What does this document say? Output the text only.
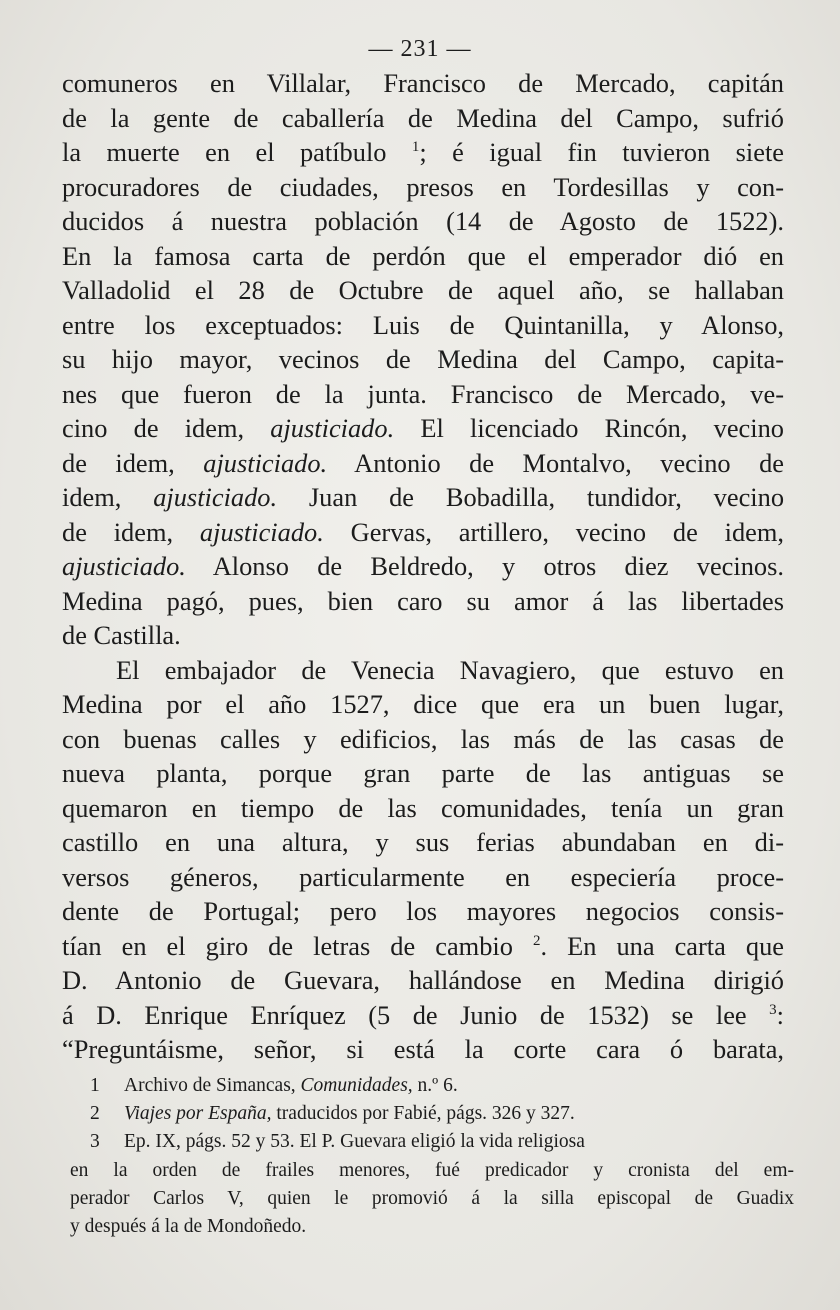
— 231 —
comuneros en Villalar, Francisco de Mercado, capitán
de la gente de caballería de Medina del Campo, sufrió
la muerte en el patíbulo $^1$; é igual fin tuvieron siete
procuradores de ciudades, presos en Tordesillas y con-
ducidos á nuestra población (14 de Agosto de 1522).
En la famosa carta de perdón que el emperador dió en
Valladolid el 28 de Octubre de aquel año, se hallaban
entre los exceptuados: Luis de Quintanilla, y Alonso,
su hijo mayor, vecinos de Medina del Campo, capita-
nes que fueron de la junta. Francisco de Mercado, ve-
cino de idem, ajusticiado. El licenciado Rincón, vecino
de idem, ajusticiado. Antonio de Montalvo, vecino de
idem, ajusticiado. Juan de Bobadilla, tundidor, vecino
de idem, ajusticiado. Gervas, artillero, vecino de idem,
ajusticiado. Alonso de Beldredo, y otros diez vecinos.
Medina pagó, pues, bien caro su amor á las libertades
de Castilla.
El embajador de Venecia Navagiero, que estuvo en
Medina por el año 1527, dice que era un buen lugar,
con buenas calles y edificios, las más de las casas de
nueva planta, porque gran parte de las antiguas se
quemaron en tiempo de las comunidades, tenía un gran
castillo en una altura, y sus ferias abundaban en di-
versos géneros, particularmente en especiería proce-
dente de Portugal; pero los mayores negocios consis-
tían en el giro de letras de cambio $^2$. En una carta que
D. Antonio de Guevara, hallándose en Medina dirigió
á D. Enrique Enríquez (5 de Junio de 1532) se lee $^3$:
“Preguntáisme, señor, si está la corte cara ó barata,
1 Archivo de Simancas, Comunidades, n.º 6.
2 Viajes por España, traducidos por Fabié, págs. 326 y 327.
3 Ep. IX, págs. 52 y 53. El P. Guevara eligió la vida religiosa
en la orden de frailes menores, fué predicador y cronista del em-
perador Carlos V, quien le promovió á la silla episcopal de Guadix
y después á la de Mondoñedo.
